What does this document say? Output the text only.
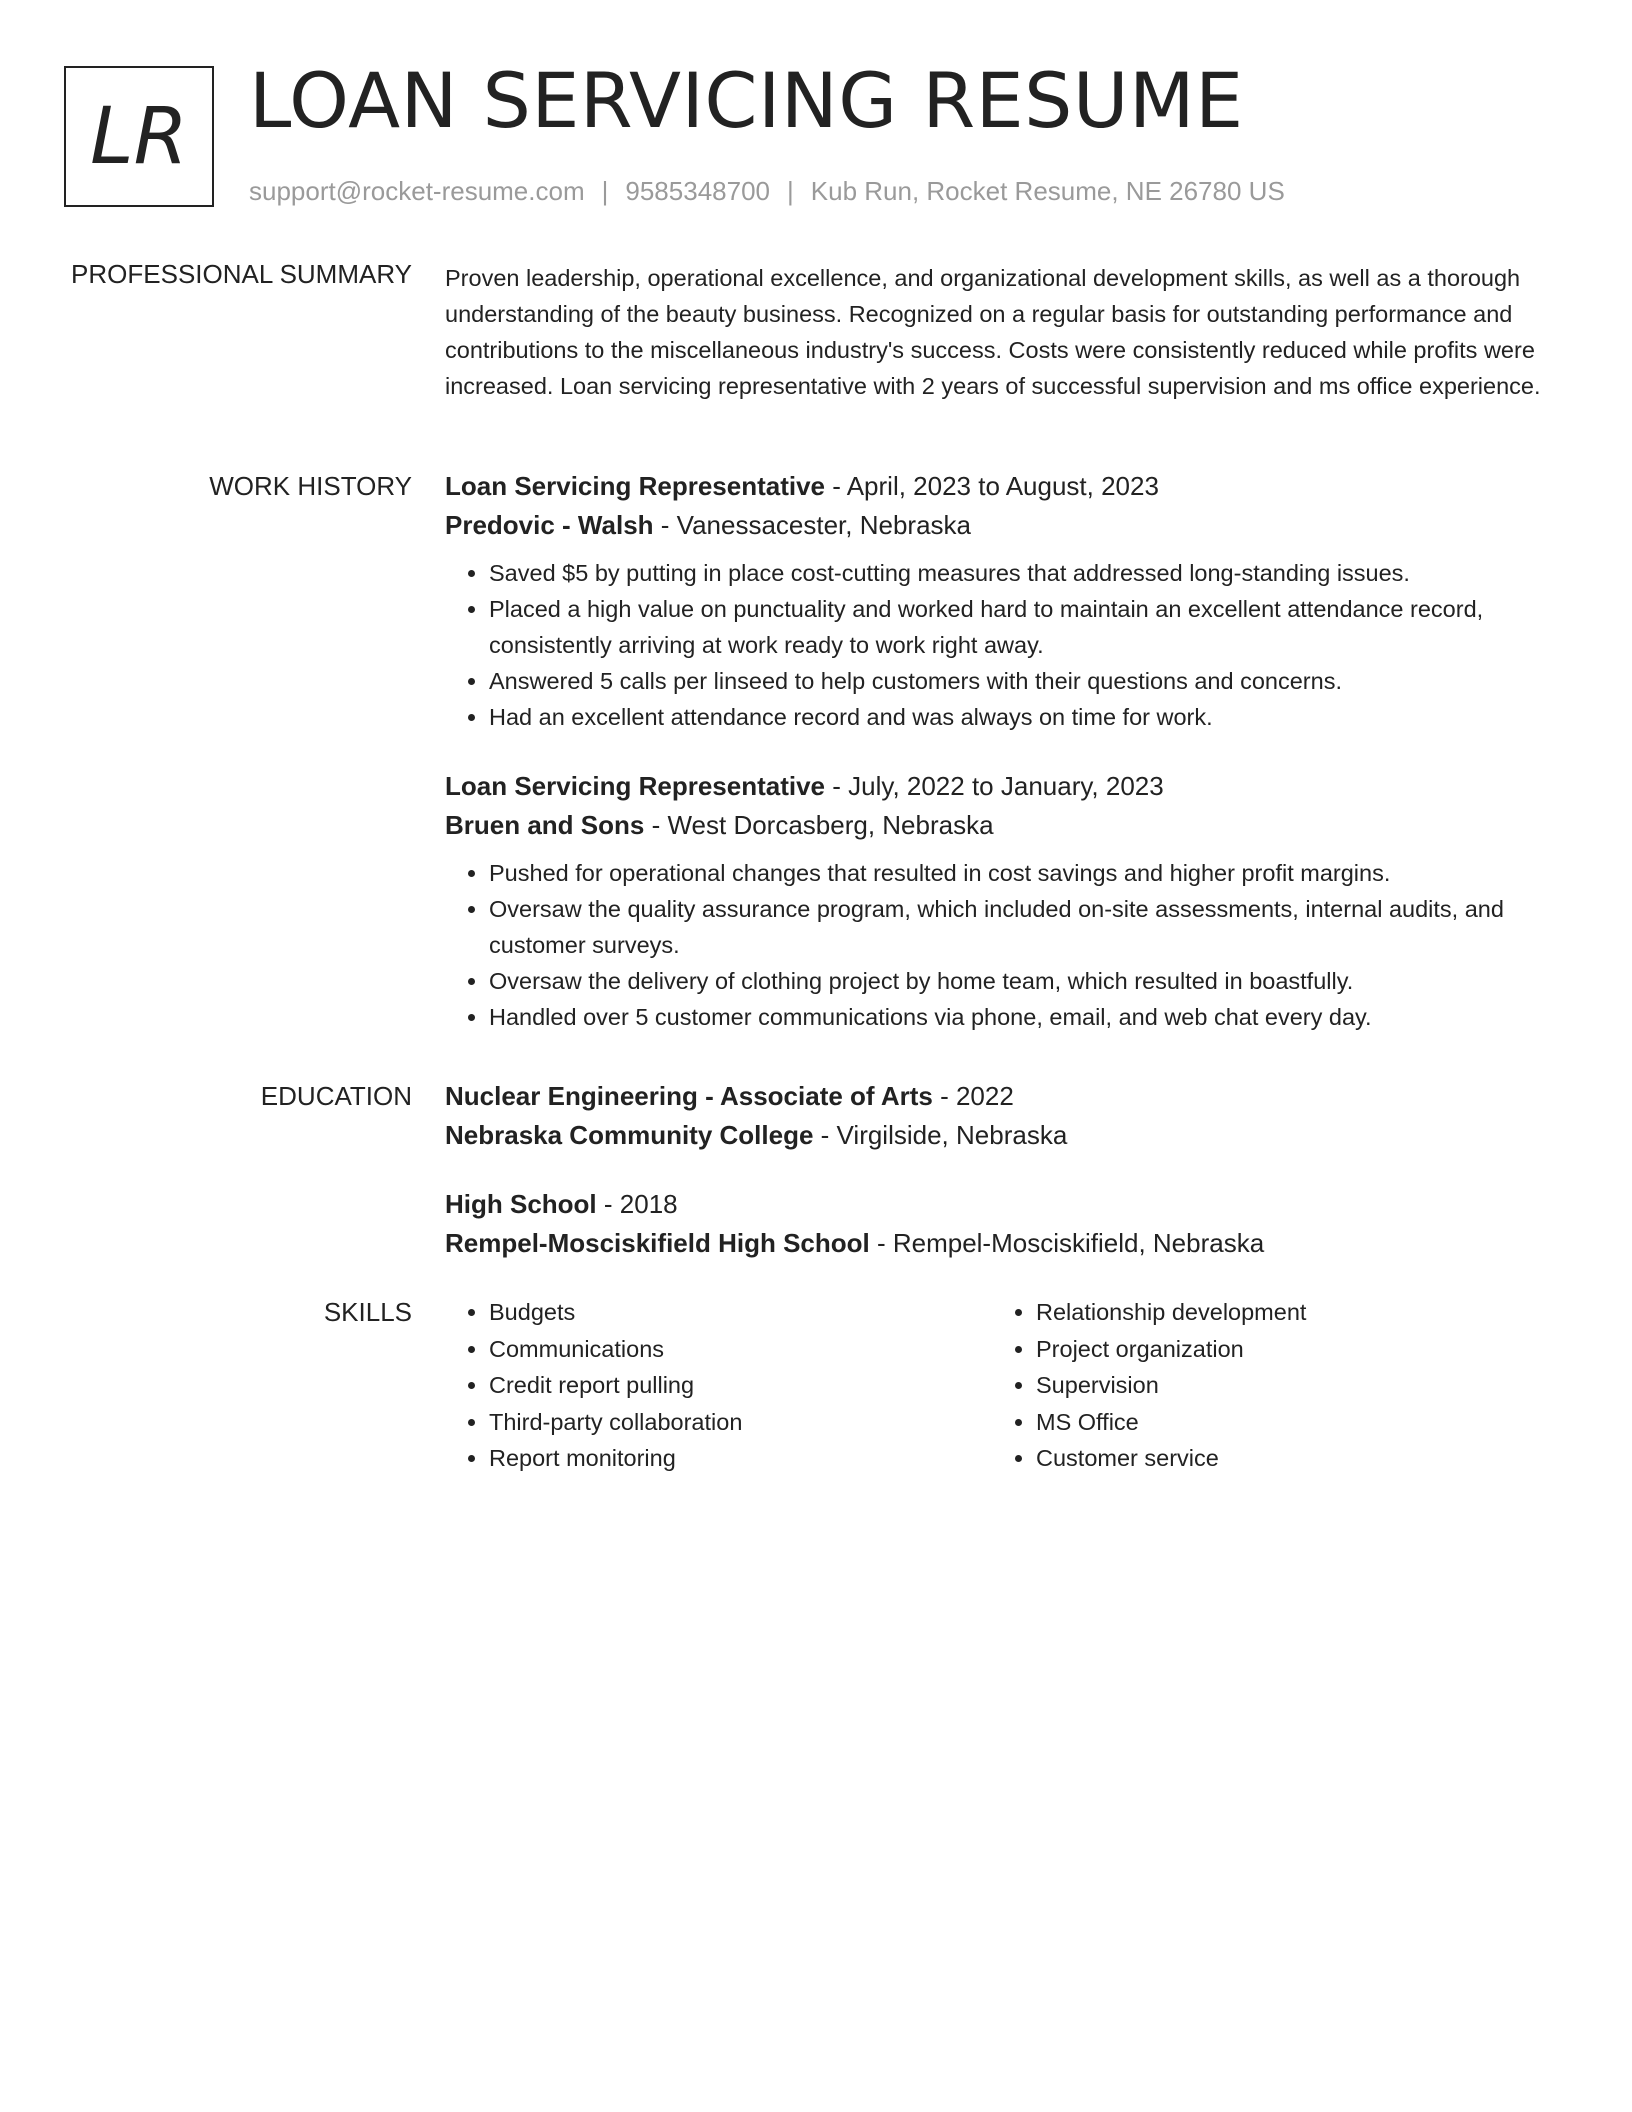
LR LOAN SERVICING RESUME
support@rocket-resume.com | 9585348700 | Kub Run, Rocket Resume, NE 26780 US
PROFESSIONAL SUMMARY Proven leadership, operational excellence, and organizational development skills, as well as a thorough understanding of the beauty business. Recognized on a regular basis for outstanding performance and contributions to the miscellaneous industry's success. Costs were consistently reduced while profits were increased. Loan servicing representative with 2 years of successful supervision and ms office experience.

WORK HISTORY Loan Servicing Representative - April, 2023 to August, 2023
Predovic - Walsh - Vanessacester, Nebraska
• Saved $5 by putting in place cost-cutting measures that addressed long-standing issues.
• Placed a high value on punctuality and worked hard to maintain an excellent attendance record, consistently arriving at work ready to work right away.
• Answered 5 calls per linseed to help customers with their questions and concerns.
• Had an excellent attendance record and was always on time for work.
Loan Servicing Representative - July, 2022 to January, 2023
Bruen and Sons - West Dorcasberg, Nebraska
• Pushed for operational changes that resulted in cost savings and higher profit margins.
• Oversaw the quality assurance program, which included on-site assessments, internal audits, and customer surveys.
• Oversaw the delivery of clothing project by home team, which resulted in boastfully.
• Handled over 5 customer communications via phone, email, and web chat every day.
EDUCATION Nuclear Engineering - Associate of Arts - 2022
Nebraska Community College - Virgilside, Nebraska
High School - 2018
Rempel-Mosciskifield High School - Rempel-Mosciskifield, Nebraska
SKILLS
•	Budgets
• Communications
• Credit report pulling
• Third-party collaboration
• Report monitoring
• Relationship development
• Project organization
• Supervision
• MS Office
• Customer service
